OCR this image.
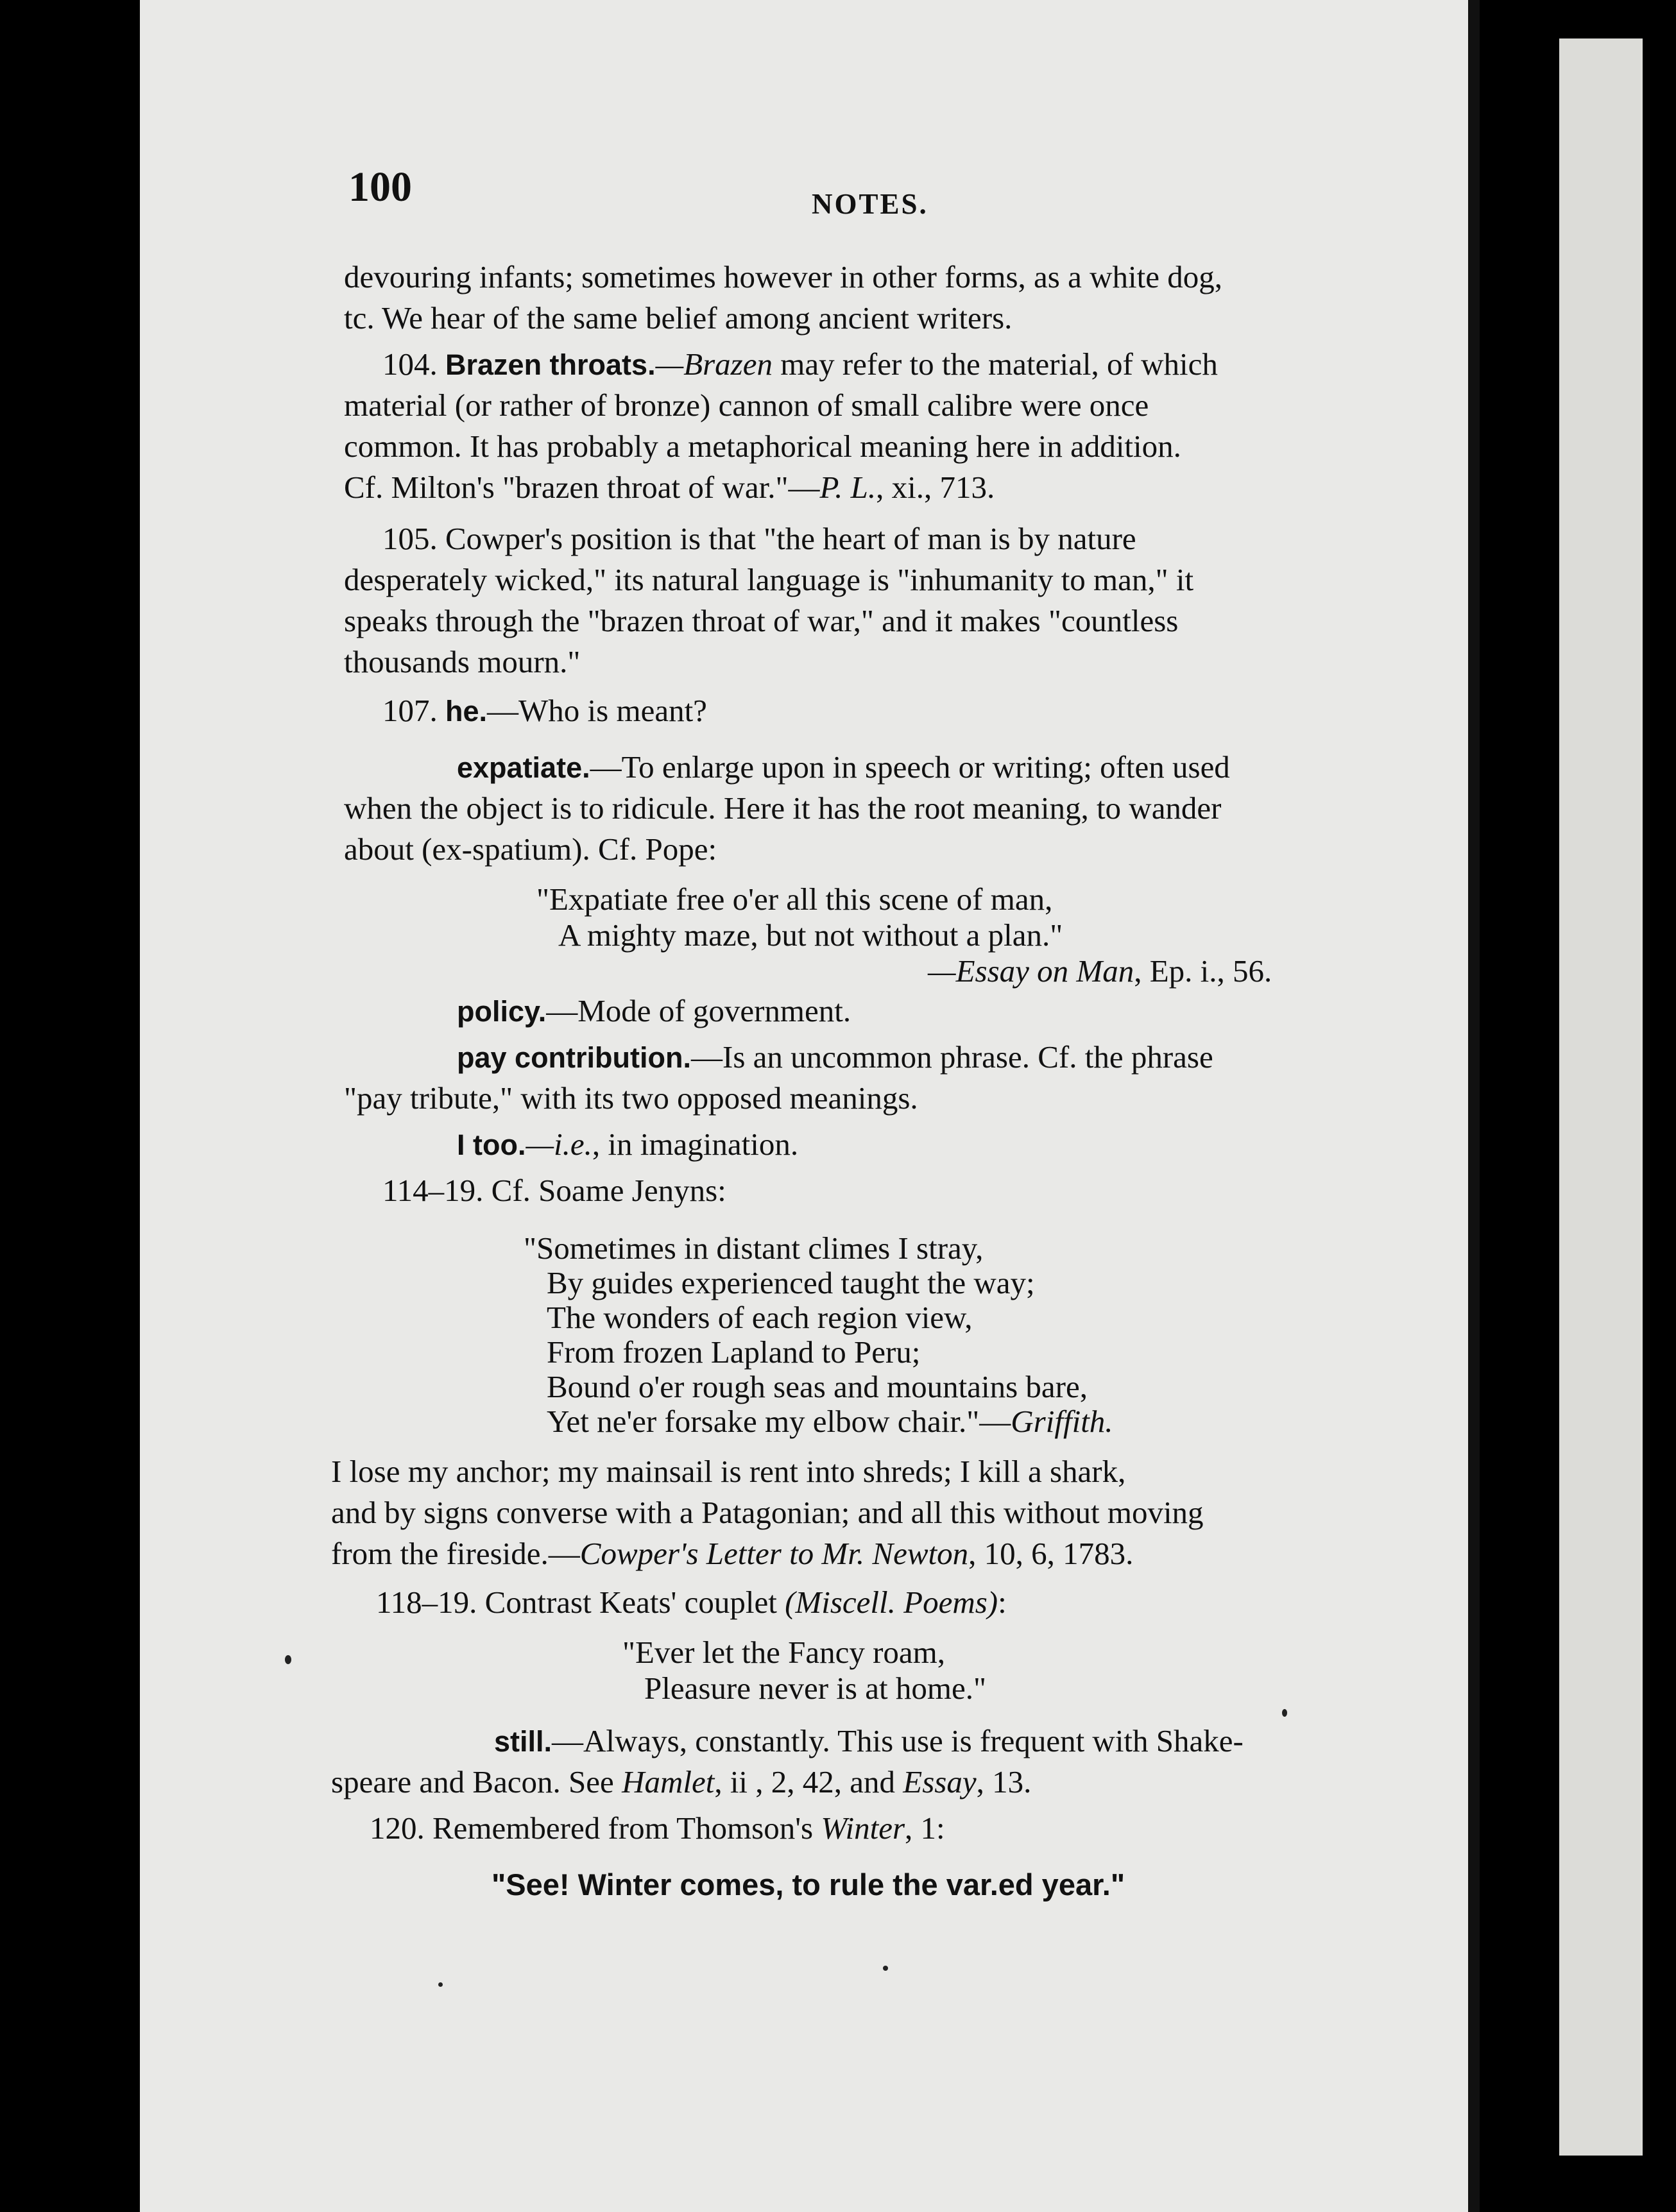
100	NOTES.
devouring infants; sometimes however in other forms, as a white dog,
tc. We hear of the same belief among ancient writers.
104. Brazen throats.—Brazen may refer to the material, of which
material (or rather of bronze) cannon of small calibre were once
common. It has probably a metaphorical meaning here in addition.
Cf. Milton's "brazen throat of war."—P. L., xi., 713.
105. Cowper's position is that "the heart of man is by nature
desperately wicked," its natural language is "inhumanity to man," it
speaks through the "brazen throat of war," and it makes "countless
thousands mourn."
107. he.—Who is meant?
expatiate.—To enlarge upon in speech or writing; often used
when the object is to ridicule. Here it has the root meaning, to wander
about (ex-spatium). Cf. Pope:
"Expatiate free o'er all this scene of man,
A mighty maze, but not without a plan."
—Essay on Man, Ep. i., 56.
policy.—Mode of government.
pay contribution.—Is an uncommon phrase. Cf. the phrase
"pay tribute," with its two opposed meanings.
I too.—i.e., in imagination.
114–19. Cf. Soame Jenyns:
"Sometimes in distant climes I stray,
By guides experienced taught the way;
The wonders of each region view,
From frozen Lapland to Peru;
Bound o'er rough seas and mountains bare,
Yet ne'er forsake my elbow chair."—Griffith.
I lose my anchor; my mainsail is rent into shreds; I kill a shark,
and by signs converse with a Patagonian; and all this without moving
from the fireside.—Cowper's Letter to Mr. Newton, 10, 6, 1783.
118–19. Contrast Keats' couplet (Miscell. Poems):
"Ever let the Fancy roam,
Pleasure never is at home."
still.—Always, constantly. This use is frequent with Shake-
speare and Bacon. See Hamlet, ii , 2, 42, and Essay, 13.
120. Remembered from Thomson's Winter, 1:
"See! Winter comes, to rule the var.ed year."
